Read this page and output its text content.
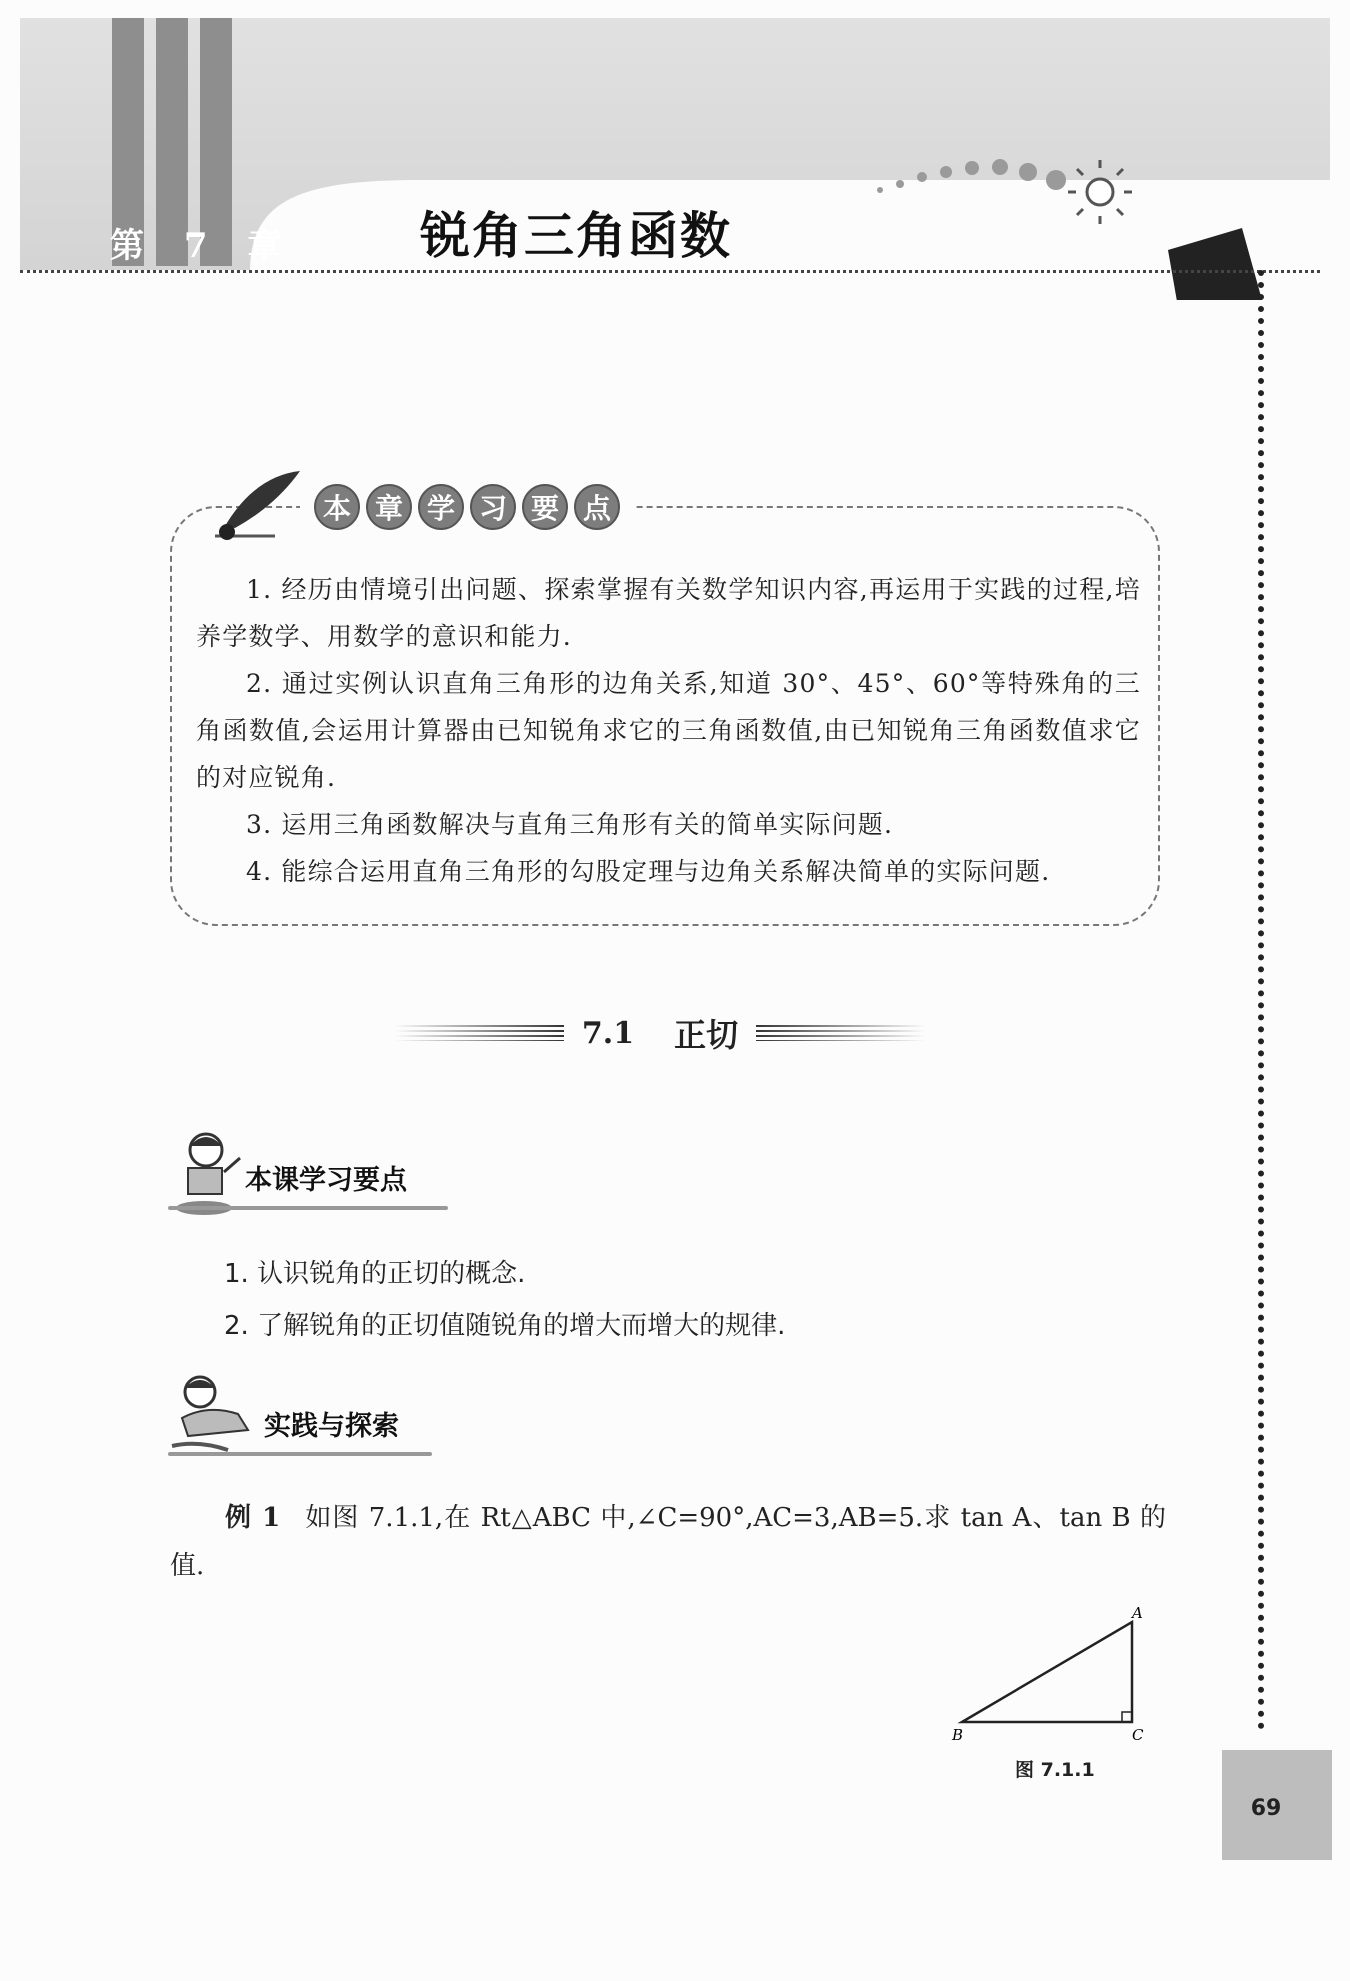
第 7 章 锐角三角函数
本 章 学 习 要 点

1. 经历由情境引出问题、探索掌握有关数学知识内容,再运用于实践的过程,培养学数学、用数学的意识和能力.

2. 通过实例认识直角三角形的边角关系,知道 30°、45°、60°等特殊角的三角函数值,会运用计算器由已知锐角求它的三角函数值,由已知锐角三角函数值求它的对应锐角.

3. 运用三角函数解决与直角三角形有关的简单实际问题.

4. 能综合运用直角三角形的勾股定理与边角关系解决简单的实际问题.

7.1 正切
本课学习要点

1. 认识锐角的正切的概念.

2. 了解锐角的正切值随锐角的增大而增大的规律.

实践与探索
例 1 如图 7.1.1,在 Rt△ABC 中,∠C=90°,AC=3,AB=5.求 tan A、tan B 的值.
A
B	C
图 7.1.1
69
